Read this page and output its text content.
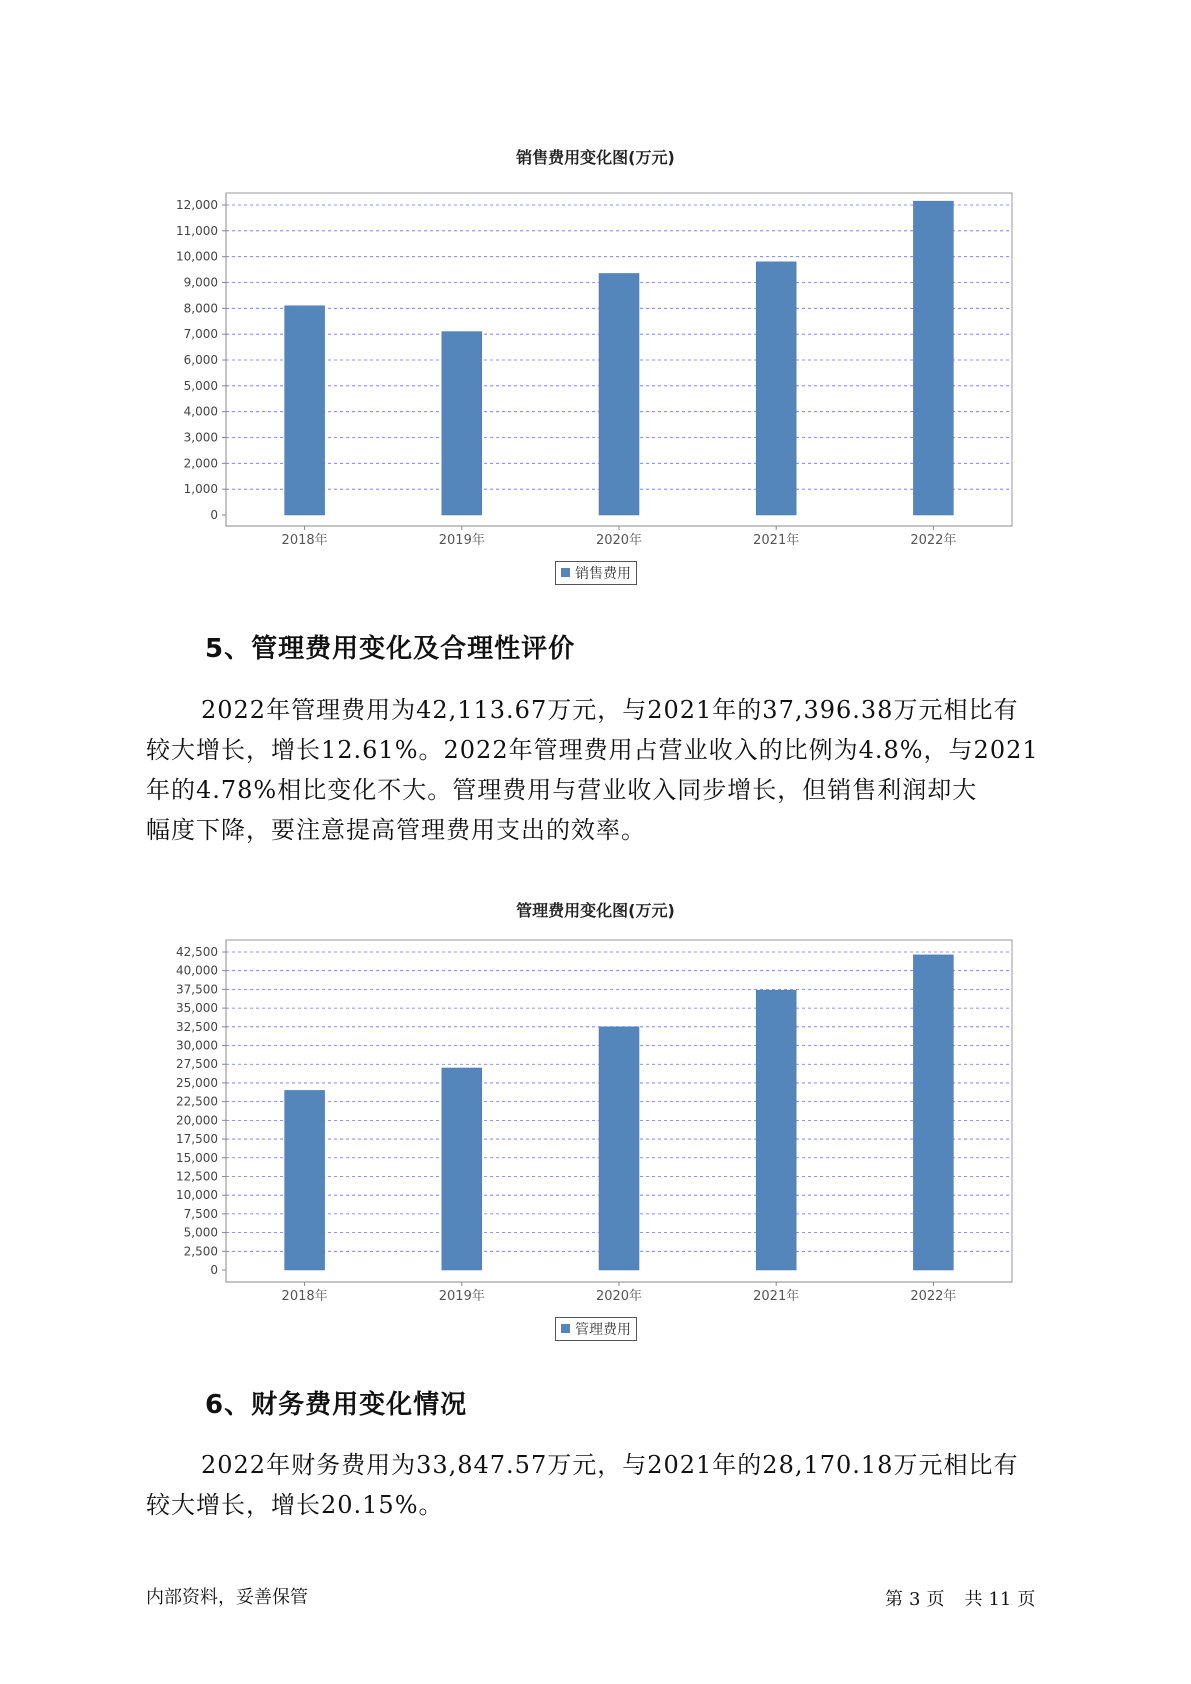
销售费用变化图(万元)
0
1,000
2,000
3,000
4,000
5,000
6,000
7,000
8,000
9,000
10,000
11,000
12,000
2018年	2019年	2020年	2021年	2022年
销售费用
5、管理费用变化及合理性评价
2022年管理费用为42,113.67万元，与2021年的37,396.38万元相比有
较大增长，增长12.61%。2022年管理费用占营业收入的比例为4.8%，与2021
年的4.78%相比变化不大。管理费用与营业收入同步增长，但销售利润却大
幅度下降，要注意提高管理费用支出的效率。
管理费用变化图(万元)
0
2,500
5,000
7,500
10,000
12,500
15,000
17,500
20,000
22,500
25,000
27,500
30,000
32,500
35,000
37,500
40,000
42,500
2018年	2019年	2020年	2021年	2022年
管理费用
6、财务费用变化情况
2022年财务费用为33,847.57万元，与2021年的28,170.18万元相比有
较大增长，增长20.15%。
内部资料，妥善保管	第 3 页 共 11 页
